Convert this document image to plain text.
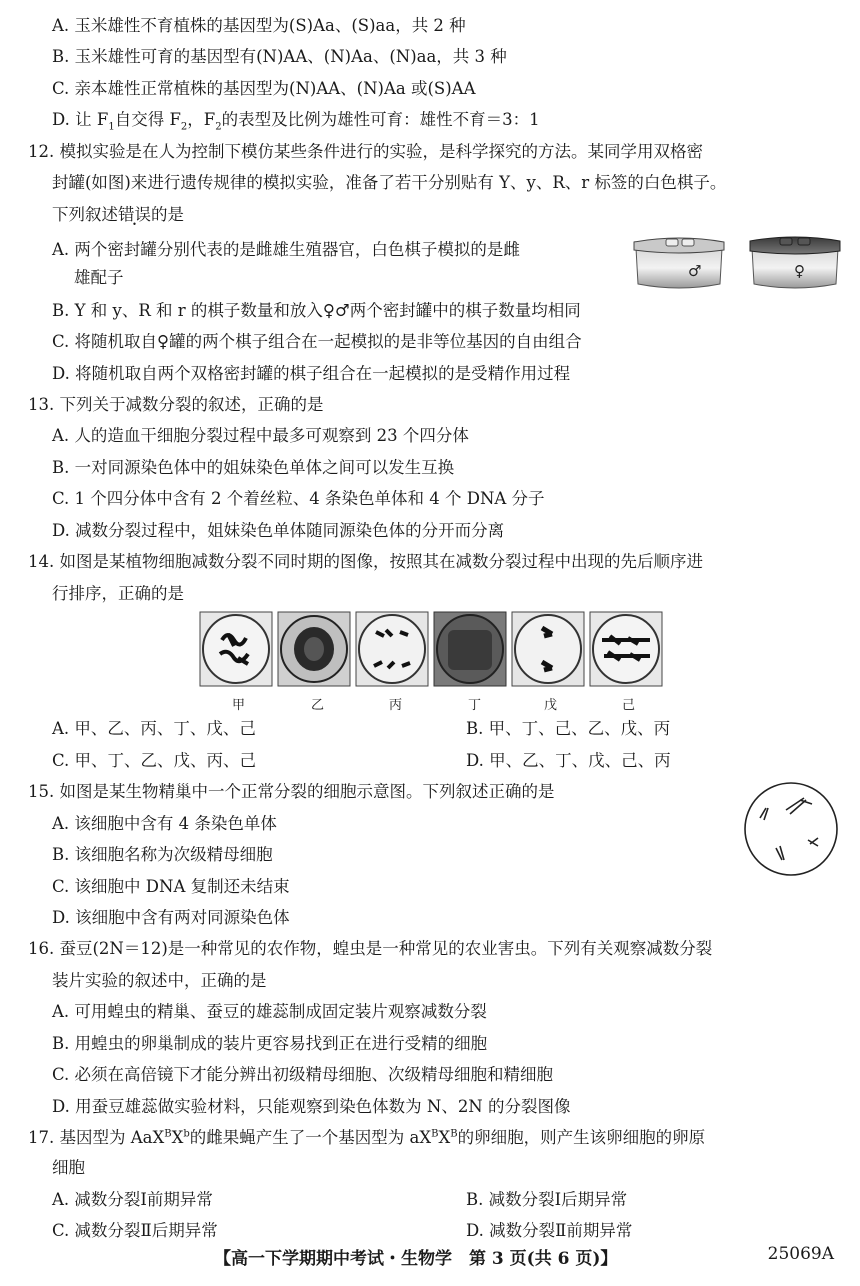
A. 玉米雄性不育植株的基因型为(S)Aa、(S)aa，共 2 种
B. 玉米雄性可育的基因型有(N)AA、(N)Aa、(N)aa，共 3 种
C. 亲本雄性正常植株的基因型为(N)AA、(N)Aa 或(S)AA
D. 让 $F_1$自交得 $F_2$，$F_2$的表型及比例为雄性可育：雄性不育＝3：1
12. 模拟实验是在人为控制下模仿某些条件进行的实验，是科学探究的方法。某同学用双格密
封罐(如图)来进行遗传规律的模拟实验，准备了若干分别贴有 Y、y、R、r 标签的白色棋子。
下列叙述错误的是
A. 两个密封罐分别代表的是雌雄生殖器官，白色棋子模拟的是雌
雄配子
B. Y 和 y、R 和 r 的棋子数量和放入♀♂两个密封罐中的棋子数量均相同
C. 将随机取自♀罐的两个棋子组合在一起模拟的是非等位基因的自由组合
D. 将随机取自两个双格密封罐的棋子组合在一起模拟的是受精作用过程
♂	♀
13. 下列关于减数分裂的叙述，正确的是
A. 人的造血干细胞分裂过程中最多可观察到 23 个四分体
B. 一对同源染色体中的姐妹染色单体之间可以发生互换
C. 1 个四分体中含有 2 个着丝粒、4 条染色单体和 4 个 DNA 分子
D. 减数分裂过程中，姐妹染色单体随同源染色体的分开而分离
14. 如图是某植物细胞减数分裂不同时期的图像，按照其在减数分裂过程中出现的先后顺序进
行排序，正确的是
甲	乙	丙	丁	戊	己
A. 甲、乙、丙、丁、戊、己	B. 甲、丁、己、乙、戊、丙
C. 甲、丁、乙、戊、丙、己	D. 甲、乙、丁、戊、己、丙
15. 如图是某生物精巢中一个正常分裂的细胞示意图。下列叙述正确的是
A. 该细胞中含有 4 条染色单体
B. 该细胞名称为次级精母细胞
C. 该细胞中 DNA 复制还未结束
D. 该细胞中含有两对同源染色体
16. 蚕豆(2N＝12)是一种常见的农作物，蝗虫是一种常见的农业害虫。下列有关观察减数分裂
装片实验的叙述中，正确的是
A. 可用蝗虫的精巢、蚕豆的雄蕊制成固定装片观察减数分裂
B. 用蝗虫的卵巢制成的装片更容易找到正在进行受精的细胞
C. 必须在高倍镜下才能分辨出初级精母细胞、次级精母细胞和精细胞
D. 用蚕豆雄蕊做实验材料，只能观察到染色体数为 N、2N 的分裂图像
17. 基因型为 $AaX^BX^b$的雌果蝇产生了一个基因型为 $aX^BX^B$的卵细胞，则产生该卵细胞的卵原
细胞
A. 减数分裂Ⅰ前期异常	B. 减数分裂Ⅰ后期异常
C. 减数分裂Ⅱ后期异常	D. 减数分裂Ⅱ前期异常
【高一下学期期中考试・生物学　第 3 页(共 6 页)】	25069A
